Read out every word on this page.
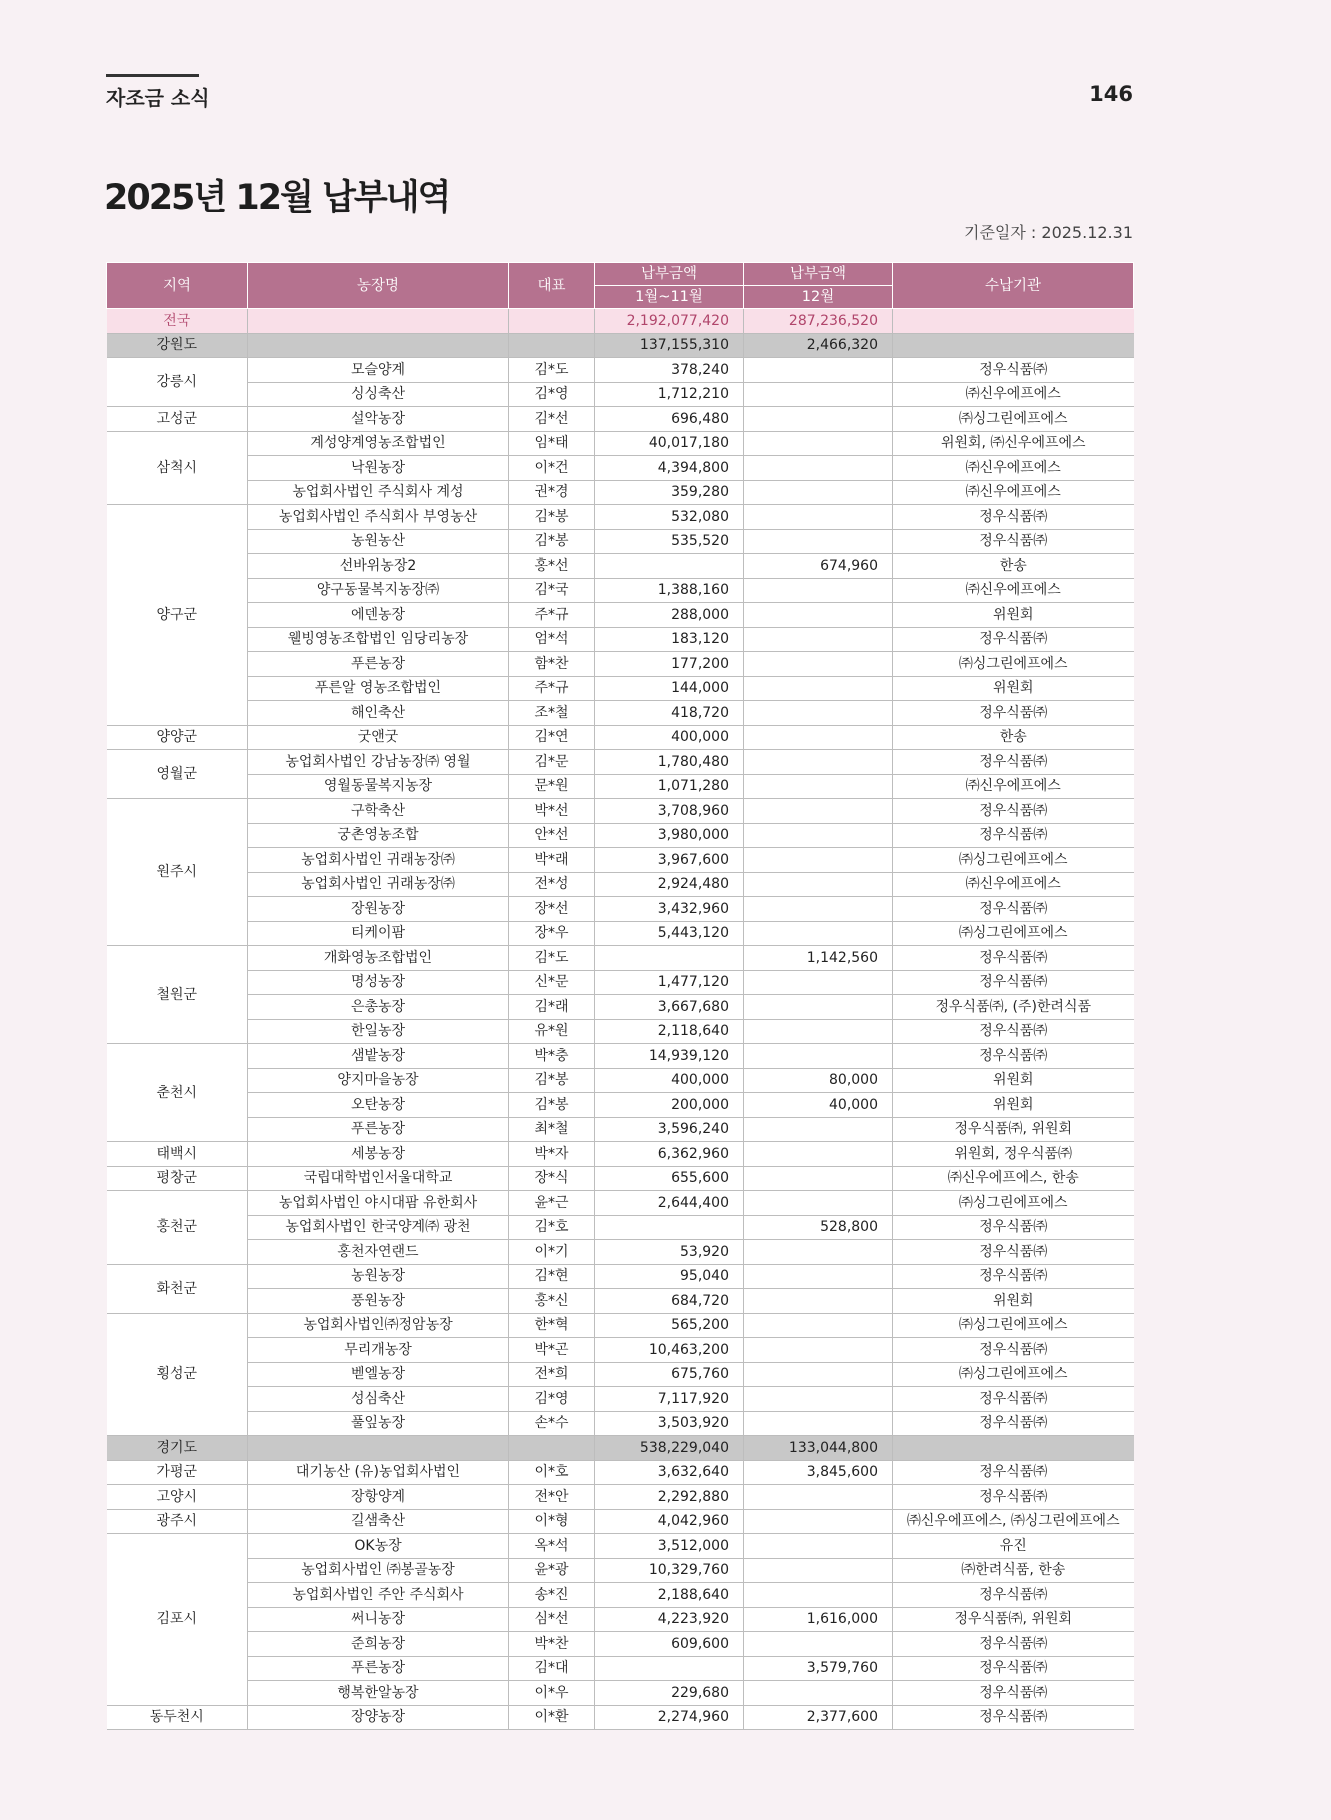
자조금 소식	146
2025년 12월 납부내역
기준일자 : 2025.12.31
지역	농장명	대표	납부금액	납부금액	수납기관
			1월~11월	12월	
전국			2,192,077,420	287,236,520	
강원도			137,155,310	2,466,320	
강릉시	모슬양계	김*도	378,240		정우식품㈜
	싱싱축산	김*영	1,712,210		㈜신우에프에스
고성군	설악농장	김*선	696,480		㈜싱그린에프에스
삼척시	계성양계영농조합법인	임*태	40,017,180		위원회, ㈜신우에프에스
	낙원농장	이*건	4,394,800		㈜신우에프에스
	농업회사법인 주식회사 계성	권*경	359,280		㈜신우에프에스
양구군	농업회사법인 주식회사 부영농산	김*봉	532,080		정우식품㈜
	농원농산	김*봉	535,520		정우식품㈜
	선바위농장2	홍*선		674,960	한송
	양구동물복지농장㈜	김*국	1,388,160		㈜신우에프에스
	에덴농장	주*규	288,000		위원회
	웰빙영농조합법인 임당리농장	엄*석	183,120		정우식품㈜
	푸른농장	함*찬	177,200		㈜싱그린에프에스
	푸른알 영농조합법인	주*규	144,000		위원회
	해인축산	조*철	418,720		정우식품㈜
양양군	굿앤굿	김*연	400,000		한송
영월군	농업회사법인 강남농장㈜ 영월	김*문	1,780,480		정우식품㈜
	영월동물복지농장	문*원	1,071,280		㈜신우에프에스
원주시	구학축산	박*선	3,708,960		정우식품㈜
	궁촌영농조합	안*선	3,980,000		정우식품㈜
	농업회사법인 귀래농장㈜	박*래	3,967,600		㈜싱그린에프에스
	농업회사법인 귀래농장㈜	전*성	2,924,480		㈜신우에프에스
	장원농장	장*선	3,432,960		정우식품㈜
	티케이팜	장*우	5,443,120		㈜싱그린에프에스
철원군	개화영농조합법인	김*도		1,142,560	정우식품㈜
	명성농장	신*문	1,477,120		정우식품㈜
	은총농장	김*래	3,667,680		정우식품㈜, (주)한려식품
	한일농장	유*원	2,118,640		정우식품㈜
춘천시	샘밭농장	박*충	14,939,120		정우식품㈜
	양지마을농장	김*봉	400,000	80,000	위원회
	오탄농장	김*봉	200,000	40,000	위원회
	푸른농장	최*철	3,596,240		정우식품㈜, 위원회
태백시	세봉농장	박*자	6,362,960		위원회, 정우식품㈜
평창군	국립대학법인서울대학교	장*식	655,600		㈜신우에프에스, 한송
홍천군	농업회사법인 야시대팜 유한회사	윤*근	2,644,400		㈜싱그린에프에스
	농업회사법인 한국양계㈜ 광천	김*호		528,800	정우식품㈜
	홍천자연랜드	이*기	53,920		정우식품㈜
화천군	농원농장	김*현	95,040		정우식품㈜
	풍원농장	홍*신	684,720		위원회
횡성군	농업회사법인㈜정암농장	한*혁	565,200		㈜싱그린에프에스
	무리개농장	박*곤	10,463,200		정우식품㈜
	벧엘농장	전*희	675,760		㈜싱그린에프에스
	성심축산	김*영	7,117,920		정우식품㈜
	풀잎농장	손*수	3,503,920		정우식품㈜
경기도			538,229,040	133,044,800	
가평군	대기농산 (유)농업회사법인	이*호	3,632,640	3,845,600	정우식품㈜
고양시	장항양계	전*안	2,292,880		정우식품㈜
광주시	길샘축산	이*형	4,042,960		㈜신우에프에스, ㈜싱그린에프에스
김포시	OK농장	옥*석	3,512,000		유진
	농업회사법인 ㈜봉골농장	윤*광	10,329,760		㈜한려식품, 한송
	농업회사법인 주안 주식회사	송*진	2,188,640		정우식품㈜
	써니농장	심*선	4,223,920	1,616,000	정우식품㈜, 위원회
	준희농장	박*찬	609,600		정우식품㈜
	푸른농장	김*대		3,579,760	정우식품㈜
	행복한알농장	이*우	229,680		정우식품㈜
동두천시	장양농장	이*환	2,274,960	2,377,600	정우식품㈜
